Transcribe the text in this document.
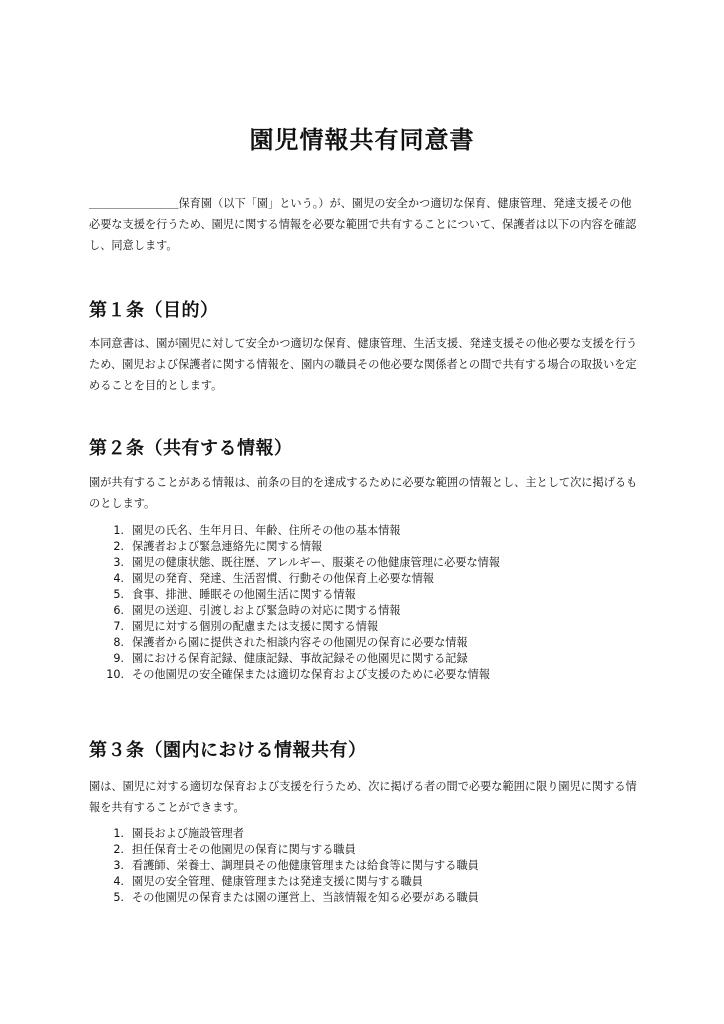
園児情報共有同意書

＿＿＿＿＿＿＿＿保育園（以下「園」という。）が、園児の安全かつ適切な保育、健康管理、発達支援その他必要な支援を行うため、園児に関する情報を必要な範囲で共有することについて、保護者は以下の内容を確認し、同意します。

第１条（目的）

本同意書は、園が園児に対して安全かつ適切な保育、健康管理、生活支援、発達支援その他必要な支援を行うため、園児および保護者に関する情報を、園内の職員その他必要な関係者との間で共有する場合の取扱いを定めることを目的とします。

第２条（共有する情報）

園が共有することがある情報は、前条の目的を達成するために必要な範囲の情報とし、主として次に掲げるものとします。

1. 園児の氏名、生年月日、年齢、住所その他の基本情報
2. 保護者および緊急連絡先に関する情報
3. 園児の健康状態、既往歴、アレルギー、服薬その他健康管理に必要な情報
4. 園児の発育、発達、生活習慣、行動その他保育上必要な情報
5. 食事、排泄、睡眠その他園生活に関する情報
6. 園児の送迎、引渡しおよび緊急時の対応に関する情報
7. 園児に対する個別の配慮または支援に関する情報
8. 保護者から園に提供された相談内容その他園児の保育に必要な情報
9. 園における保育記録、健康記録、事故記録その他園児に関する記録
10. その他園児の安全確保または適切な保育および支援のために必要な情報
第３条（園内における情報共有）

園は、園児に対する適切な保育および支援を行うため、次に掲げる者の間で必要な範囲に限り園児に関する情報を共有することができます。

1. 園長および施設管理者
2. 担任保育士その他園児の保育に関与する職員
3. 看護師、栄養士、調理員その他健康管理または給食等に関与する職員
4. 園児の安全管理、健康管理または発達支援に関与する職員
5. その他園児の保育または園の運営上、当該情報を知る必要がある職員
